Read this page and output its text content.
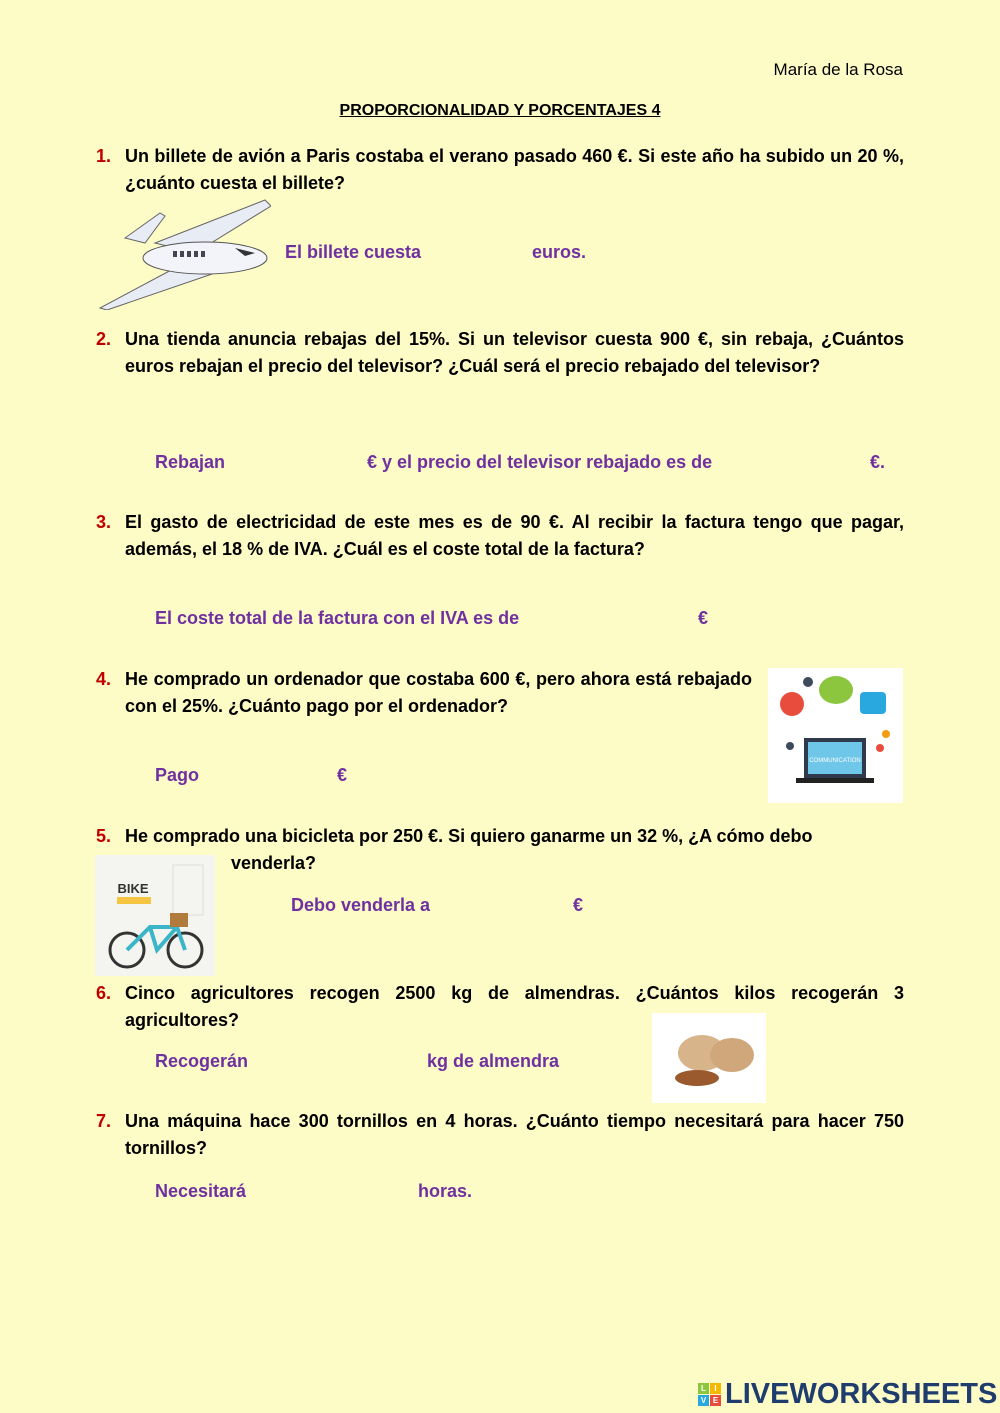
María de la Rosa
PROPORCIONALIDAD Y PORCENTAJES 4
1. Un billete de avión a Paris costaba el verano pasado 460 €. Si este año ha subido un 20 %, ¿cuánto cuesta el billete?
El billete cuesta	euros.
2. Una tienda anuncia rebajas del 15%. Si un televisor cuesta 900 €, sin rebaja, ¿Cuántos euros rebajan el precio del televisor? ¿Cuál será el precio rebajado del televisor?
Rebajan	€ y el precio del televisor rebajado es de	€.
3. El gasto de electricidad de este mes es de 90 €. Al recibir la factura tengo que pagar, además, el 18 % de IVA. ¿Cuál es el coste total de la factura?
El coste total de la factura con el IVA es de	€
4. He comprado un ordenador que costaba 600 €, pero ahora está rebajado con el 25%. ¿Cuánto pago por el ordenador?
COMMUNICATION
Pago	€
5. He comprado una bicicleta por 250 €. Si quiero ganarme un 32 %, ¿A cómo debo
venderla?
BIKE
Debo venderla a	€
6. Cinco agricultores recogen 2500 kg de almendras. ¿Cuántos kilos recogerán 3 agricultores?
Recogerán	kg de almendra
7. Una máquina hace 300 tornillos en 4 horas. ¿Cuánto tiempo necesitará para hacer 750 tornillos?
Necesitará	horas.
L	I
V E LIVEWORKSHEETS
